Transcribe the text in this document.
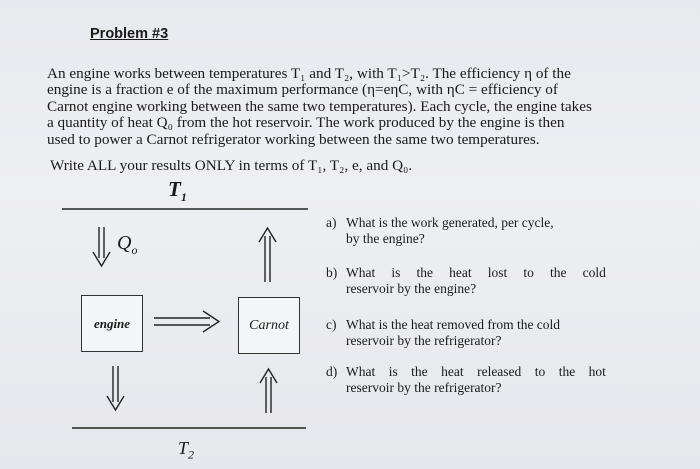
Problem #3
An engine works between temperatures T₁ and T₂, with T₁>T₂. The efficiency η of the
engine is a fraction e of the maximum performance (η=eηC, with ηC = efficiency of
Carnot engine working between the same two temperatures). Each cycle, the engine takes
a quantity of heat Q₀ from the hot reservoir. The work produced by the engine is then
used to power a Carnot refrigerator working between the same two temperatures.
Write ALL your results ONLY in terms of T₁, T₂, e, and Q₀.
$T_1$
$T_2$
$Q_o$
engine	Carnot
a) What is the work generated, per cycle,
by the engine?
b) What is the heat lost to the cold
reservoir by the engine?
c) What is the heat removed from the cold
reservoir by the refrigerator?
d) What is the heat released to the hot
reservoir by the refrigerator?
